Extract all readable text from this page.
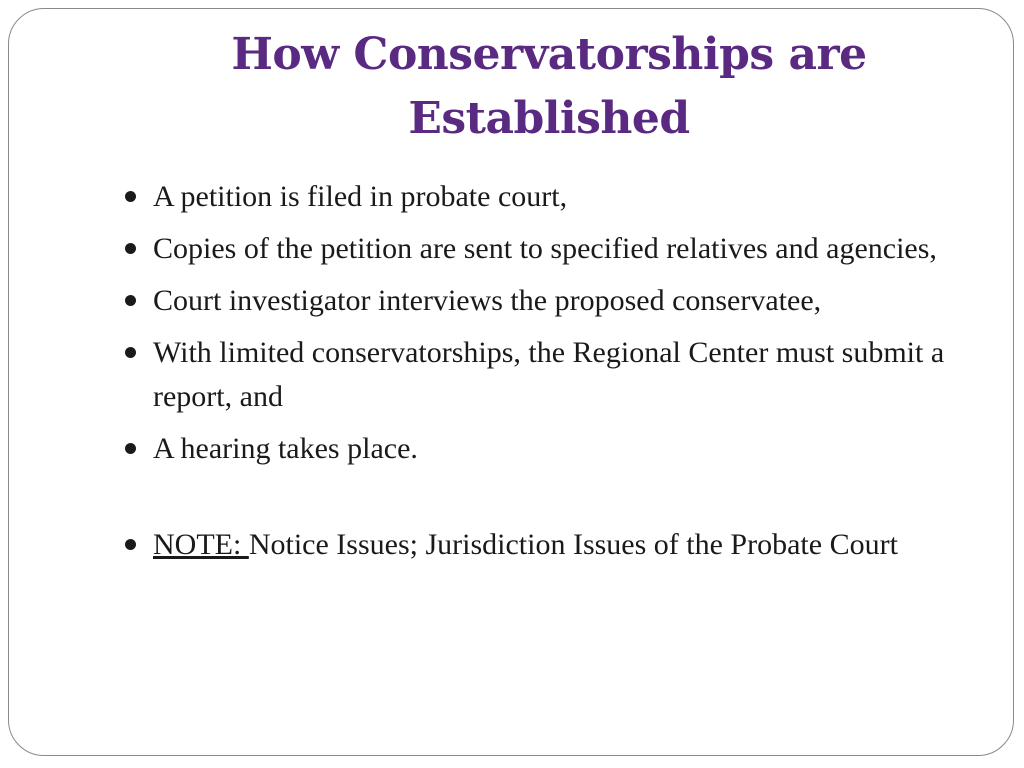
How Conservatorships are Established
A petition is filed in probate court,
Copies of the petition are sent to specified relatives and agencies,
Court investigator interviews the proposed conservatee,
With limited conservatorships, the Regional Center must submit a report, and
A hearing takes place.
NOTE: Notice Issues; Jurisdiction Issues of the Probate Court
